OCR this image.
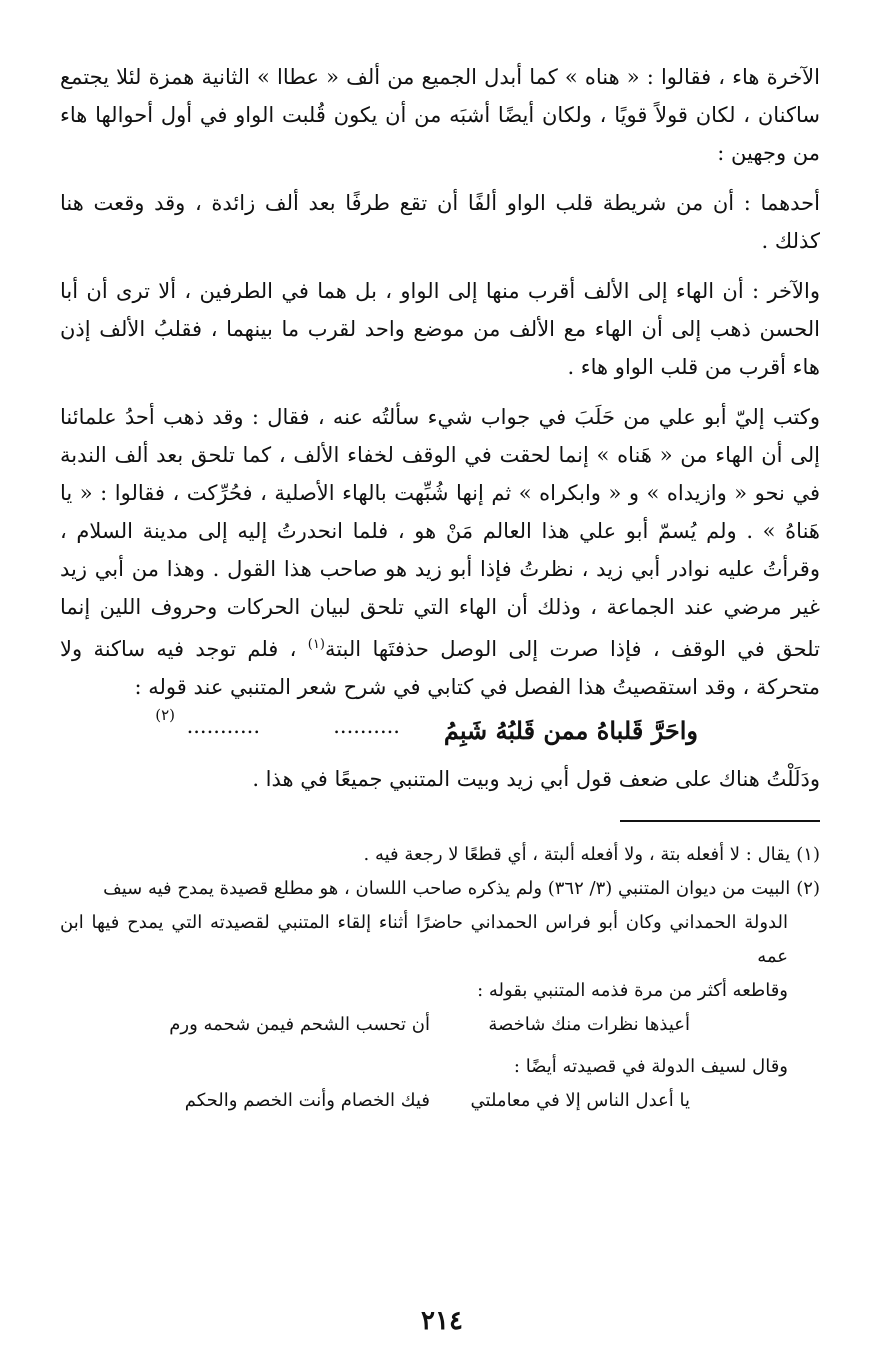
الآخرة هاء ، فقالوا : « هناه » كما أبدل الجميع من ألف « عطاا » الثانية همزة لئلا يجتمع ساكنان ، لكان قولاً قويًا ، ولكان أيضًا أشبَه من أن يكون قُلبت الواو في أول أحوالها هاء من وجهين :

أحدهما : أن من شريطة قلب الواو ألفًا أن تقع طرفًا بعد ألف زائدة ، وقد وقعت هنا كذلك .

والآخر : أن الهاء إلى الألف أقرب منها إلى الواو ، بل هما في الطرفين ، ألا ترى أن أبا الحسن ذهب إلى أن الهاء مع الألف من موضع واحد لقرب ما بينهما ، فقلبُ الألف إذن هاء أقرب من قلب الواو هاء .

وكتب إليّ أبو علي من حَلَبَ في جواب شيء سألتُه عنه ، فقال : وقد ذهب أحدُ علمائنا إلى أن الهاء من « هَناه » إنما لحقت في الوقف لخفاء الألف ، كما تلحق بعد ألف الندبة في نحو « وازيداه » و « وابكراه » ثم إنها شُبِّهت بالهاء الأصلية ، فحُرِّكت ، فقالوا : « يا هَناهُ » . ولم يُسمّ أبو علي هذا العالم مَنْ هو ، فلما انحدرتُ إليه إلى مدينة السلام ، وقرأتُ عليه نوادر أبي زيد ، نظرتُ فإذا أبو زيد هو صاحب هذا القول . وهذا من أبي زيد غير مرضي عند الجماعة ، وذلك أن الهاء التي تلحق لبيان الحركات وحروف اللين إنما تلحق في الوقف ، فإذا صرت إلى الوصل حذفتَها البتة$^{(١)}$ ، فلم توجد فيه ساكنة ولا متحركة ، وقد استقصيتُ هذا الفصل في كتابي في شرح شعر المتنبي عند قوله :

واحَرَّ قَلباهُ ممن قَلبُهُ شَبِمُ
..........
...........
(٢)

ودَلَلْتُ هناك على ضعف قول أبي زيد وبيت المتنبي جميعًا في هذا .

(١)يقال : لا أفعله بتة ، ولا أفعله ألبتة ، أي قطعًا لا رجعة فيه .

(٢)البيت من ديوان المتنبي (٣/ ٣٦٢) ولم يذكره صاحب اللسان ، هو مطلع قصيدة يمدح فيه سيف

الدولة الحمداني وكان أبو فراس الحمداني حاضرًا أثناء إلقاء المتنبي لقصيدته التي يمدح فيها ابن عمه

وقاطعه أكثر من مرة فذمه المتنبي بقوله :

أعيذها نظرات منك شاخصة
أن تحسب الشحم فيمن شحمه ورم

وقال لسيف الدولة في قصيدته أيضًا :

يا أعدل الناس إلا في معاملتي
فيك الخصام وأنت الخصم والحكم
٢١٤
